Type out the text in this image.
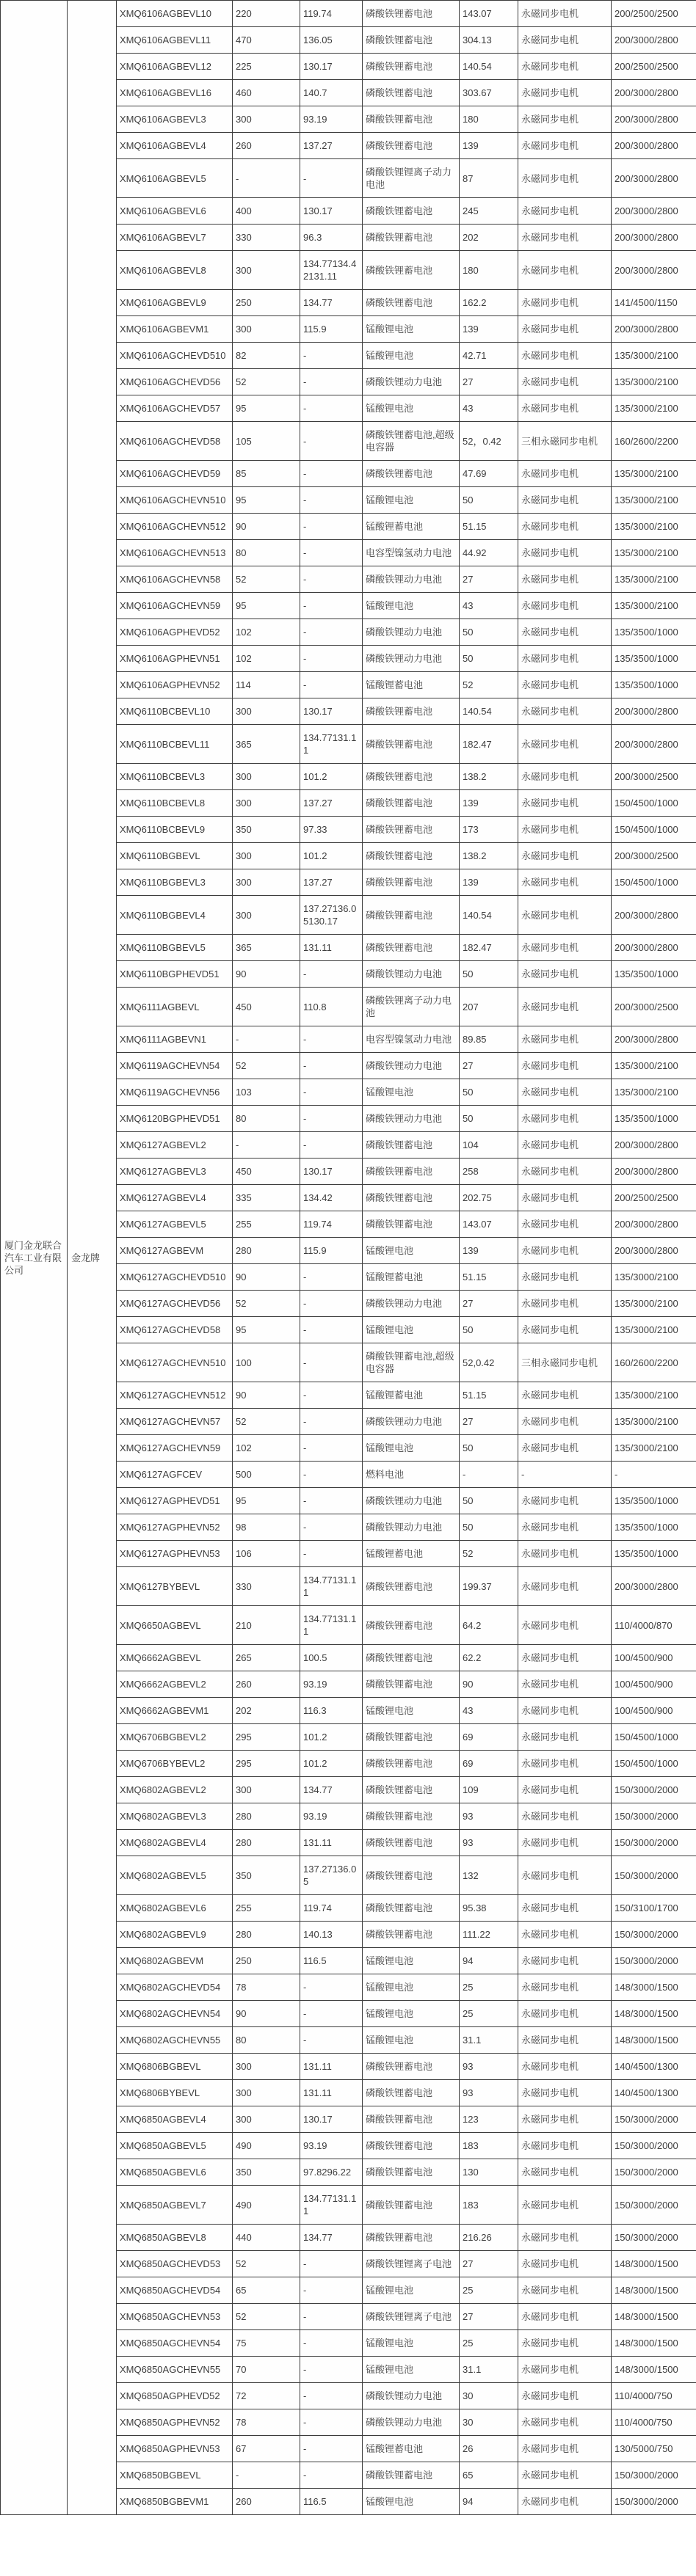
厦门金龙联合汽车工业有限公司	金龙牌	XMQ6106AGBEVL10	220	119.74	磷酸铁锂蓄电池	143.07	永磁同步电机	200/2500/2500
		XMQ6106AGBEVL11	470	136.05	磷酸铁锂蓄电池	304.13	永磁同步电机	200/3000/2800
		XMQ6106AGBEVL12	225	130.17	磷酸铁锂蓄电池	140.54	永磁同步电机	200/2500/2500
		XMQ6106AGBEVL16	460	140.7	磷酸铁锂蓄电池	303.67	永磁同步电机	200/3000/2800
		XMQ6106AGBEVL3	300	93.19	磷酸铁锂蓄电池	180	永磁同步电机	200/3000/2800
		XMQ6106AGBEVL4	260	137.27	磷酸铁锂蓄电池	139	永磁同步电机	200/3000/2800
		XMQ6106AGBEVL5	-	-	磷酸铁锂锂离子动力电池	87	永磁同步电机	200/3000/2800
		XMQ6106AGBEVL6	400	130.17	磷酸铁锂蓄电池	245	永磁同步电机	200/3000/2800
		XMQ6106AGBEVL7	330	96.3	磷酸铁锂蓄电池	202	永磁同步电机	200/3000/2800
		XMQ6106AGBEVL8	300	134.77134.42131.11	磷酸铁锂蓄电池	180	永磁同步电机	200/3000/2800
		XMQ6106AGBEVL9	250	134.77	磷酸铁锂蓄电池	162.2	永磁同步电机	141/4500/1150
		XMQ6106AGBEVM1	300	115.9	锰酸锂电池	139	永磁同步电机	200/3000/2800
		XMQ6106AGCHEVD510	82	-	锰酸锂电池	42.71	永磁同步电机	135/3000/2100
		XMQ6106AGCHEVD56	52	-	磷酸铁锂动力电池	27	永磁同步电机	135/3000/2100
		XMQ6106AGCHEVD57	95	-	锰酸锂电池	43	永磁同步电机	135/3000/2100
		XMQ6106AGCHEVD58	105	-	磷酸铁锂蓄电池,超级电容器	52，0.42	三相永磁同步电机	160/2600/2200
		XMQ6106AGCHEVD59	85	-	磷酸铁锂蓄电池	47.69	永磁同步电机	135/3000/2100
		XMQ6106AGCHEVN510	95	-	锰酸锂电池	50	永磁同步电机	135/3000/2100
		XMQ6106AGCHEVN512	90	-	锰酸锂蓄电池	51.15	永磁同步电机	135/3000/2100
		XMQ6106AGCHEVN513	80	-	电容型镍氢动力电池	44.92	永磁同步电机	135/3000/2100
		XMQ6106AGCHEVN58	52	-	磷酸铁锂动力电池	27	永磁同步电机	135/3000/2100
		XMQ6106AGCHEVN59	95	-	锰酸锂电池	43	永磁同步电机	135/3000/2100
		XMQ6106AGPHEVD52	102	-	磷酸铁锂动力电池	50	永磁同步电机	135/3500/1000
		XMQ6106AGPHEVN51	102	-	磷酸铁锂动力电池	50	永磁同步电机	135/3500/1000
		XMQ6106AGPHEVN52	114	-	锰酸锂蓄电池	52	永磁同步电机	135/3500/1000
		XMQ6110BCBEVL10	300	130.17	磷酸铁锂蓄电池	140.54	永磁同步电机	200/3000/2800
		XMQ6110BCBEVL11	365	134.77131.11	磷酸铁锂蓄电池	182.47	永磁同步电机	200/3000/2800
		XMQ6110BCBEVL3	300	101.2	磷酸铁锂蓄电池	138.2	永磁同步电机	200/3000/2500
		XMQ6110BCBEVL8	300	137.27	磷酸铁锂蓄电池	139	永磁同步电机	150/4500/1000
		XMQ6110BCBEVL9	350	97.33	磷酸铁锂蓄电池	173	永磁同步电机	150/4500/1000
		XMQ6110BGBEVL	300	101.2	磷酸铁锂蓄电池	138.2	永磁同步电机	200/3000/2500
		XMQ6110BGBEVL3	300	137.27	磷酸铁锂蓄电池	139	永磁同步电机	150/4500/1000
		XMQ6110BGBEVL4	300	137.27136.05130.17	磷酸铁锂蓄电池	140.54	永磁同步电机	200/3000/2800
		XMQ6110BGBEVL5	365	131.11	磷酸铁锂蓄电池	182.47	永磁同步电机	200/3000/2800
		XMQ6110BGPHEVD51	90	-	磷酸铁锂动力电池	50	永磁同步电机	135/3500/1000
		XMQ6111AGBEVL	450	110.8	磷酸铁锂离子动力电池	207	永磁同步电机	200/3000/2500
		XMQ6111AGBEVN1	-	-	电容型镍氢动力电池	89.85	永磁同步电机	200/3000/2800
		XMQ6119AGCHEVN54	52	-	磷酸铁锂动力电池	27	永磁同步电机	135/3000/2100
		XMQ6119AGCHEVN56	103	-	锰酸锂电池	50	永磁同步电机	135/3000/2100
		XMQ6120BGPHEVD51	80	-	磷酸铁锂动力电池	50	永磁同步电机	135/3500/1000
		XMQ6127AGBEVL2	-	-	磷酸铁锂蓄电池	104	永磁同步电机	200/3000/2800
		XMQ6127AGBEVL3	450	130.17	磷酸铁锂蓄电池	258	永磁同步电机	200/3000/2800
		XMQ6127AGBEVL4	335	134.42	磷酸铁锂蓄电池	202.75	永磁同步电机	200/2500/2500
		XMQ6127AGBEVL5	255	119.74	磷酸铁锂蓄电池	143.07	永磁同步电机	200/3000/2800
		XMQ6127AGBEVM	280	115.9	锰酸锂电池	139	永磁同步电机	200/3000/2800
		XMQ6127AGCHEVD510	90	-	锰酸锂蓄电池	51.15	永磁同步电机	135/3000/2100
		XMQ6127AGCHEVD56	52	-	磷酸铁锂动力电池	27	永磁同步电机	135/3000/2100
		XMQ6127AGCHEVD58	95	-	锰酸锂电池	50	永磁同步电机	135/3000/2100
		XMQ6127AGCHEVN510	100	-	磷酸铁锂蓄电池,超级电容器	52,0.42	三相永磁同步电机	160/2600/2200
		XMQ6127AGCHEVN512	90	-	锰酸锂蓄电池	51.15	永磁同步电机	135/3000/2100
		XMQ6127AGCHEVN57	52	-	磷酸铁锂动力电池	27	永磁同步电机	135/3000/2100
		XMQ6127AGCHEVN59	102	-	锰酸锂电池	50	永磁同步电机	135/3000/2100
		XMQ6127AGFCEV	500	-	燃料电池	-	-	-
		XMQ6127AGPHEVD51	95	-	磷酸铁锂动力电池	50	永磁同步电机	135/3500/1000
		XMQ6127AGPHEVN52	98	-	磷酸铁锂动力电池	50	永磁同步电机	135/3500/1000
		XMQ6127AGPHEVN53	106	-	锰酸锂蓄电池	52	永磁同步电机	135/3500/1000
		XMQ6127BYBEVL	330	134.77131.11	磷酸铁锂蓄电池	199.37	永磁同步电机	200/3000/2800
		XMQ6650AGBEVL	210	134.77131.11	磷酸铁锂蓄电池	64.2	永磁同步电机	110/4000/870
		XMQ6662AGBEVL	265	100.5	磷酸铁锂蓄电池	62.2	永磁同步电机	100/4500/900
		XMQ6662AGBEVL2	260	93.19	磷酸铁锂蓄电池	90	永磁同步电机	100/4500/900
		XMQ6662AGBEVM1	202	116.3	锰酸锂电池	43	永磁同步电机	100/4500/900
		XMQ6706BGBEVL2	295	101.2	磷酸铁锂蓄电池	69	永磁同步电机	150/4500/1000
		XMQ6706BYBEVL2	295	101.2	磷酸铁锂蓄电池	69	永磁同步电机	150/4500/1000
		XMQ6802AGBEVL2	300	134.77	磷酸铁锂蓄电池	109	永磁同步电机	150/3000/2000
		XMQ6802AGBEVL3	280	93.19	磷酸铁锂蓄电池	93	永磁同步电机	150/3000/2000
		XMQ6802AGBEVL4	280	131.11	磷酸铁锂蓄电池	93	永磁同步电机	150/3000/2000
		XMQ6802AGBEVL5	350	137.27136.05	磷酸铁锂蓄电池	132	永磁同步电机	150/3000/2000
		XMQ6802AGBEVL6	255	119.74	磷酸铁锂蓄电池	95.38	永磁同步电机	150/3100/1700
		XMQ6802AGBEVL9	280	140.13	磷酸铁锂蓄电池	111.22	永磁同步电机	150/3000/2000
		XMQ6802AGBEVM	250	116.5	锰酸锂电池	94	永磁同步电机	150/3000/2000
		XMQ6802AGCHEVD54	78	-	锰酸锂电池	25	永磁同步电机	148/3000/1500
		XMQ6802AGCHEVN54	90	-	锰酸锂电池	25	永磁同步电机	148/3000/1500
		XMQ6802AGCHEVN55	80	-	锰酸锂电池	31.1	永磁同步电机	148/3000/1500
		XMQ6806BGBEVL	300	131.11	磷酸铁锂蓄电池	93	永磁同步电机	140/4500/1300
		XMQ6806BYBEVL	300	131.11	磷酸铁锂蓄电池	93	永磁同步电机	140/4500/1300
		XMQ6850AGBEVL4	300	130.17	磷酸铁锂蓄电池	123	永磁同步电机	150/3000/2000
		XMQ6850AGBEVL5	490	93.19	磷酸铁锂蓄电池	183	永磁同步电机	150/3000/2000
		XMQ6850AGBEVL6	350	97.8296.22	磷酸铁锂蓄电池	130	永磁同步电机	150/3000/2000
		XMQ6850AGBEVL7	490	134.77131.11	磷酸铁锂蓄电池	183	永磁同步电机	150/3000/2000
		XMQ6850AGBEVL8	440	134.77	磷酸铁锂蓄电池	216.26	永磁同步电机	150/3000/2000
		XMQ6850AGCHEVD53	52	-	磷酸铁锂锂离子电池	27	永磁同步电机	148/3000/1500
		XMQ6850AGCHEVD54	65	-	锰酸锂电池	25	永磁同步电机	148/3000/1500
		XMQ6850AGCHEVN53	52	-	磷酸铁锂锂离子电池	27	永磁同步电机	148/3000/1500
		XMQ6850AGCHEVN54	75	-	锰酸锂电池	25	永磁同步电机	148/3000/1500
		XMQ6850AGCHEVN55	70	-	锰酸锂电池	31.1	永磁同步电机	148/3000/1500
		XMQ6850AGPHEVD52	72	-	磷酸铁锂动力电池	30	永磁同步电机	110/4000/750
		XMQ6850AGPHEVN52	78	-	磷酸铁锂动力电池	30	永磁同步电机	110/4000/750
		XMQ6850AGPHEVN53	67	-	锰酸锂蓄电池	26	永磁同步电机	130/5000/750
		XMQ6850BGBEVL	-	-	磷酸铁锂蓄电池	65	永磁同步电机	150/3000/2000
		XMQ6850BGBEVM1	260	116.5	锰酸锂电池	94	永磁同步电机	150/3000/2000
